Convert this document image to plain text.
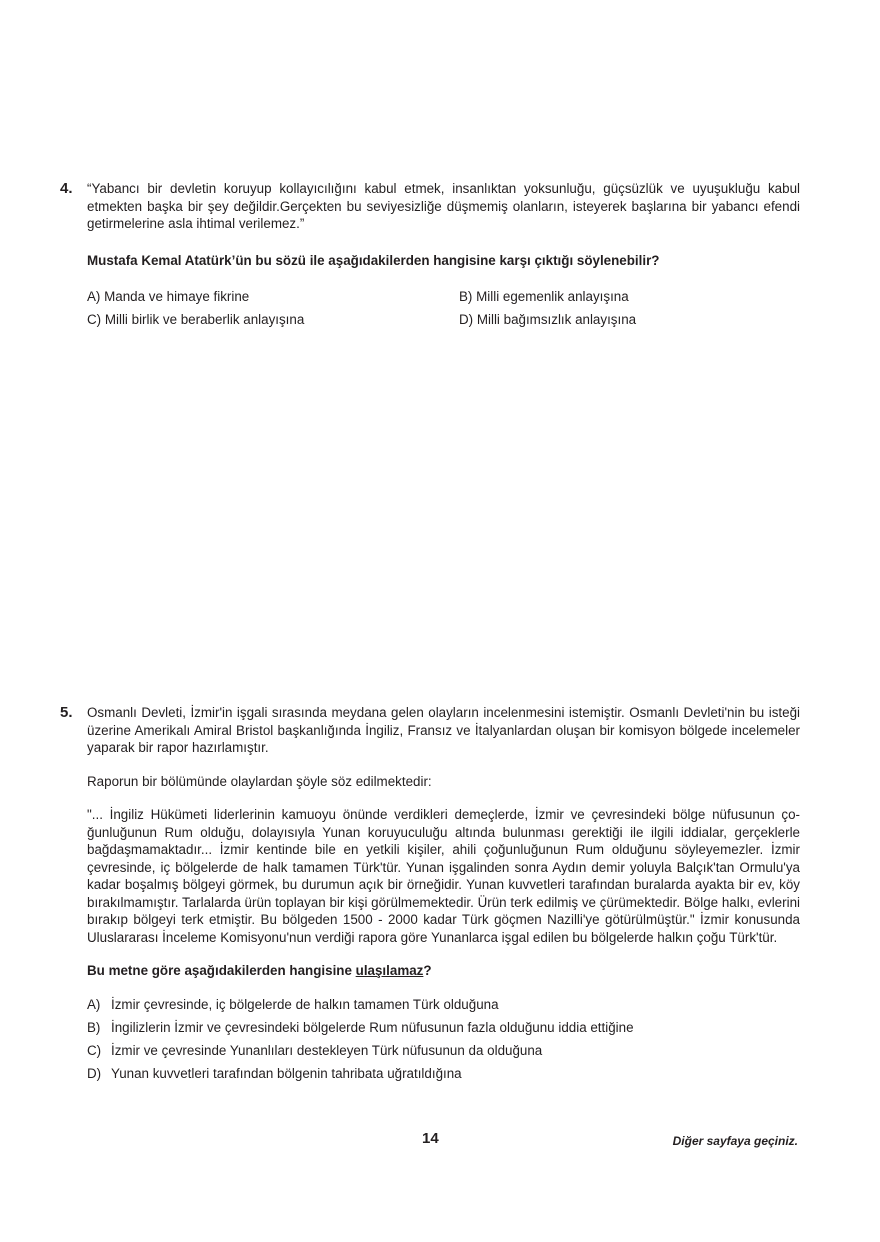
4. “Yabancı bir devletin koruyup kollayıcılığını kabul etmek, insanlıktan yoksunluğu, güçsüzlük ve uyuşukluğu kabul etmekten başka bir şey değildir.Gerçekten bu seviyesizliğe düşmemiş olanların, isteyerek başlarına bir yabancı efendi getirmelerine asla ihtimal verilemez.”

Mustafa Kemal Atatürk’ün bu sözü ile aşağıdakilerden hangisine karşı çıktığı söylenebilir?

A) Manda ve himaye fikrine	B) Milli egemenlik anlayışına
C) Milli birlik ve beraberlik anlayışına	D) Milli bağımsızlık anlayışına
5. Osmanlı Devleti, İzmir'in işgali sırasında meydana gelen olayların incelenmesini istemiştir. Osmanlı Devleti'nin bu isteği üzerine Amerikalı Amiral Bristol başkanlığında İngiliz, Fransız ve İtalyanlardan oluşan bir komisyon bölgede incelemeler yaparak bir rapor hazırlamıştır.

Raporun bir bölümünde olaylardan şöyle söz edilmektedir:

"... İngiliz Hükümeti liderlerinin kamuoyu önünde verdikleri demeçlerde, İzmir ve çevresindeki bölge nüfusunun ço-ğunluğunun Rum olduğu, dolayısıyla Yunan koruyuculuğu altında bulunması gerektiği ile ilgili iddialar, gerçeklerle bağdaşmamaktadır... İzmir kentinde bile en yetkili kişiler, ahili çoğunluğunun Rum olduğunu söyleyemezler. İzmir çevresinde, iç bölgelerde de halk tamamen Türk'tür. Yunan işgalinden sonra Aydın demir yoluyla Balçık'tan Ormulu'ya kadar boşalmış bölgeyi görmek, bu durumun açık bir örneğidir. Yunan kuvvetleri tarafından buralarda ayakta bir ev, köy bırakılmamıştır. Tarlalarda ürün toplayan bir kişi görülmemektedir. Ürün terk edilmiş ve çürümektedir. Bölge halkı, evlerini bırakıp bölgeyi terk etmiştir. Bu bölgeden 1500 - 2000 kadar Türk göçmen Nazilli'ye götürülmüştür." İzmir konusunda Uluslararası İnceleme Komisyonu'nun verdiği rapora göre Yunanlarca işgal edilen bu bölgelerde halkın çoğu Türk'tür.

Bu metne göre aşağıdakilerden hangisine ulaşılamaz?

A) İzmir çevresinde, iç bölgelerde de halkın tamamen Türk olduğuna
B) İngilizlerin İzmir ve çevresindeki bölgelerde Rum nüfusunun fazla olduğunu iddia ettiğine
C) İzmir ve çevresinde Yunanlıları destekleyen Türk nüfusunun da olduğuna
D) Yunan kuvvetleri tarafından bölgenin tahribata uğratıldığına
14	Diğer sayfaya geçiniz.
